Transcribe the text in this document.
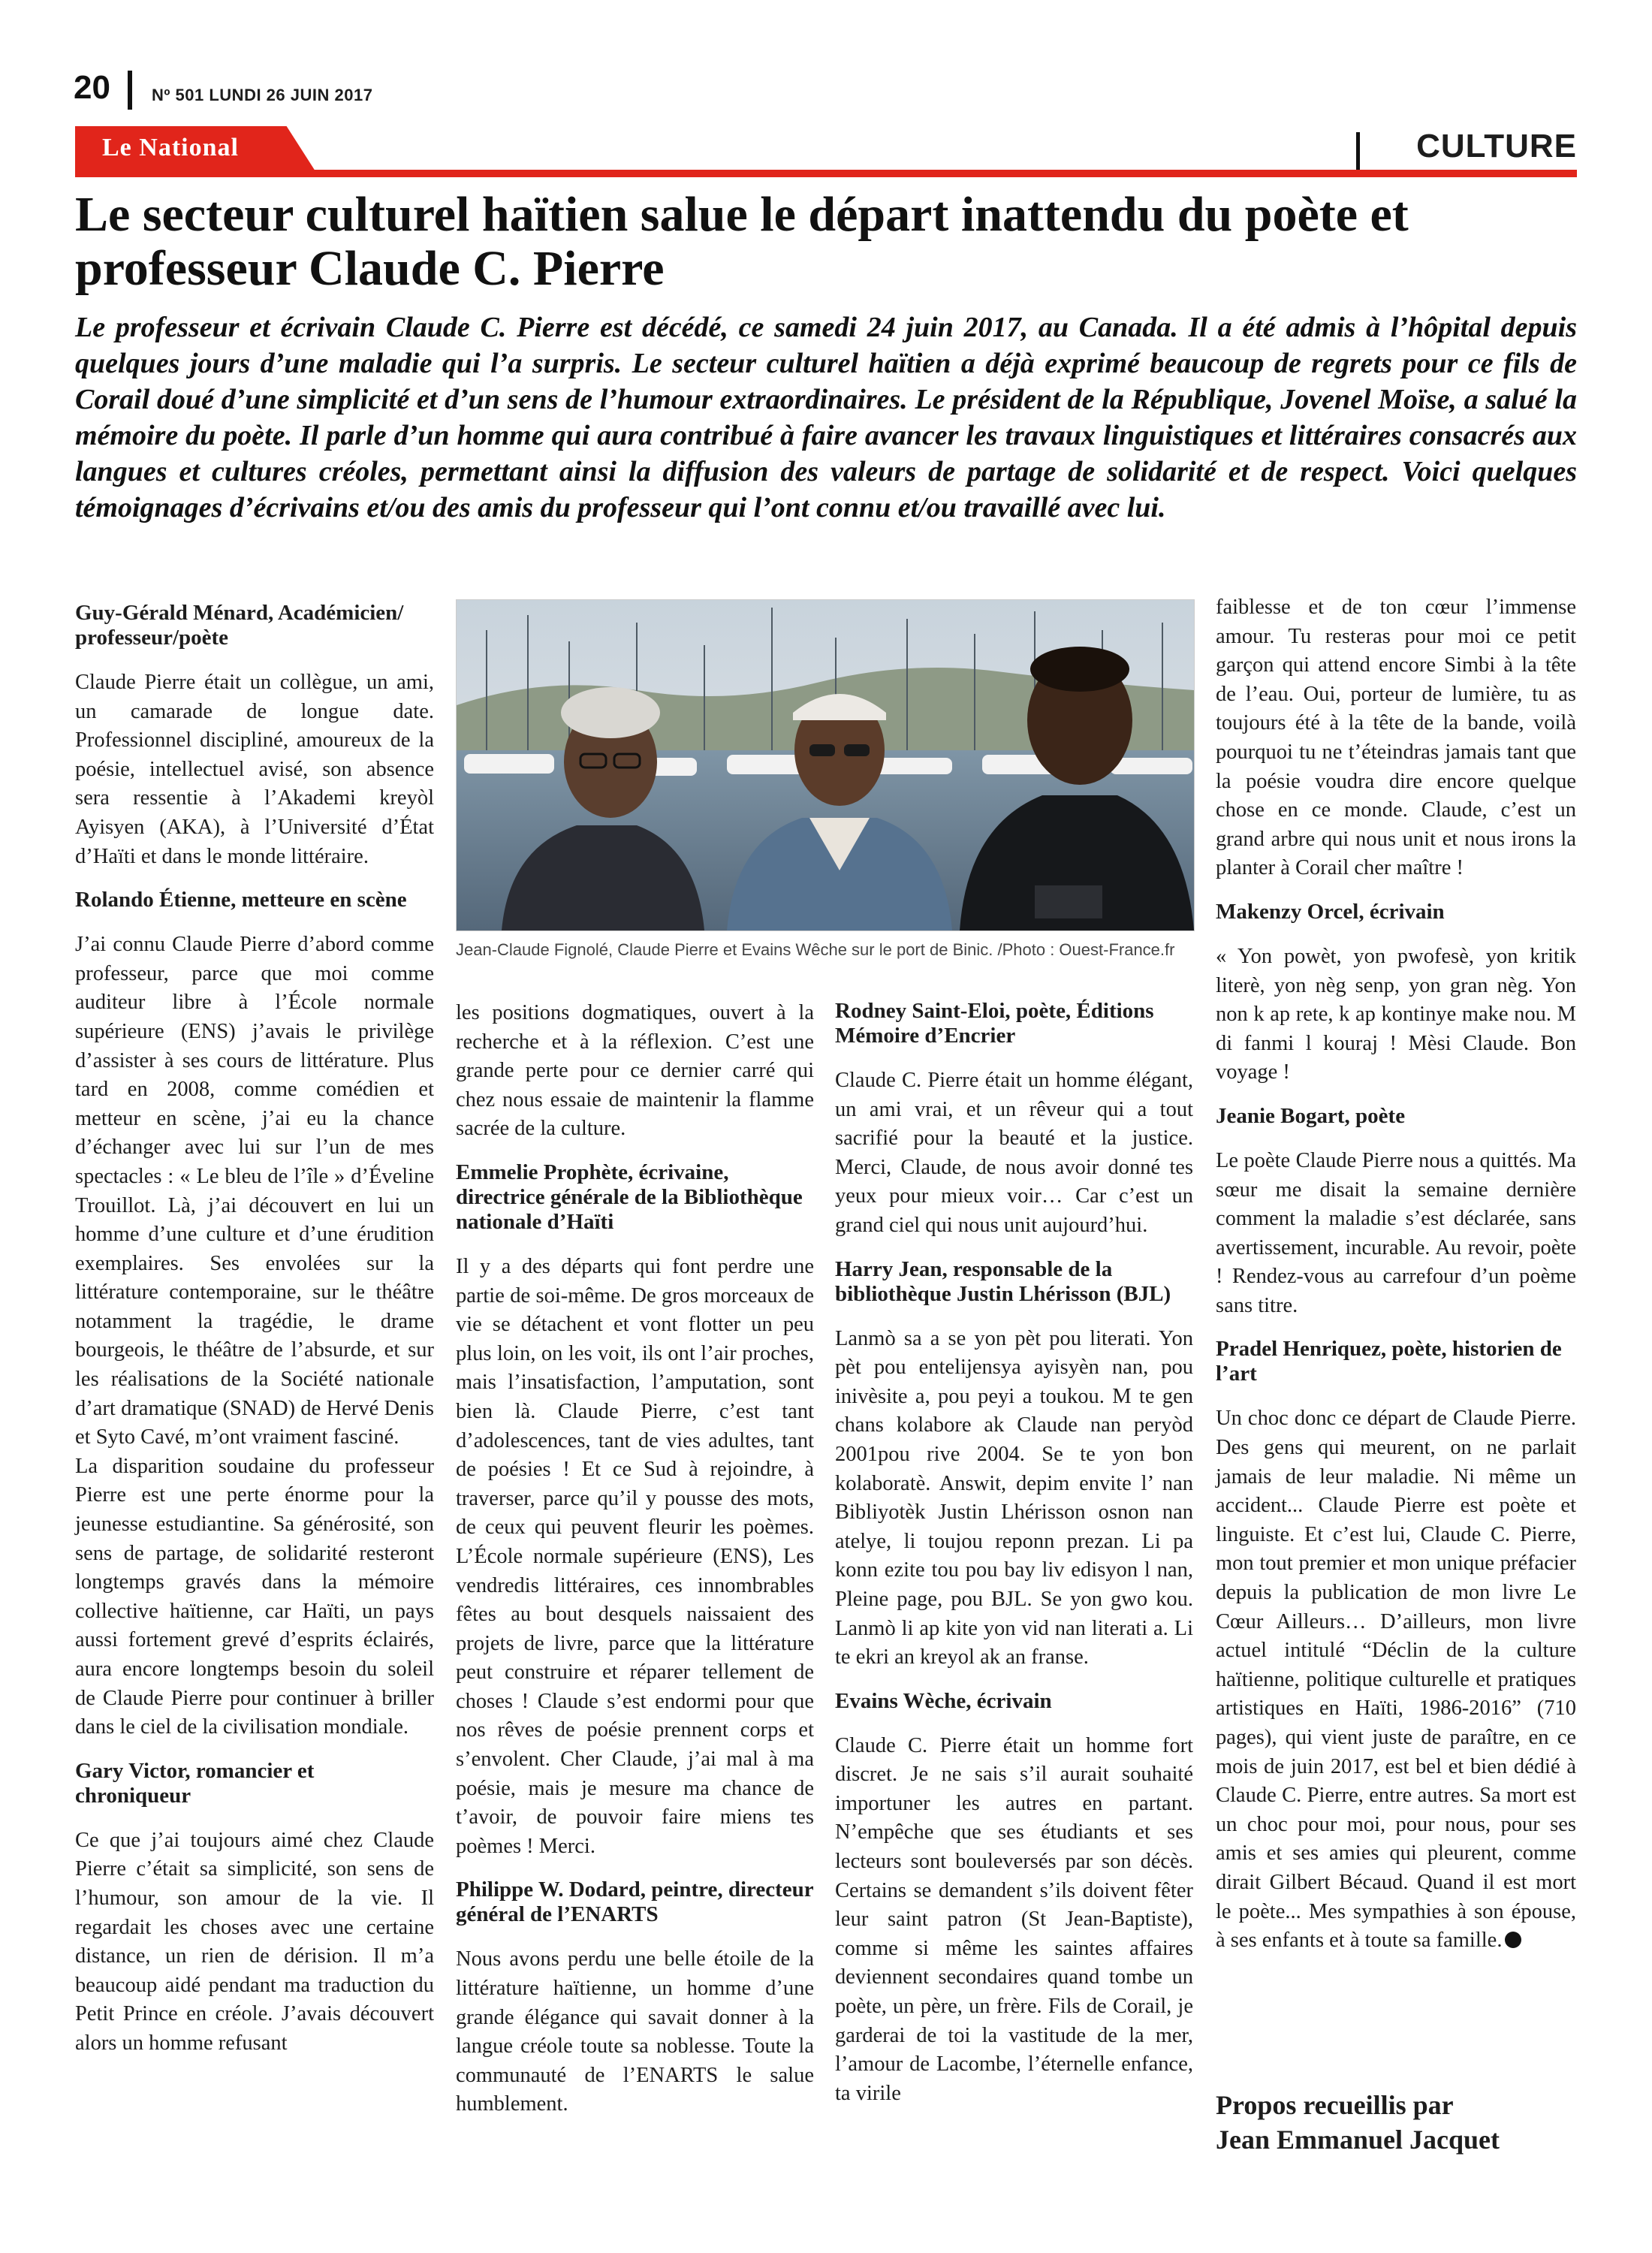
20	Nº 501 LUNDI 26 JUIN 2017
Le National	CULTURE
Le secteur culturel haïtien salue le départ inattendu du poète et professeur Claude C. Pierre

Le professeur et écrivain Claude C. Pierre est décédé, ce samedi 24 juin 2017, au Canada. Il a été admis à l’hôpital depuis quelques jours d’une maladie qui l’a surpris. Le secteur culturel haïtien a déjà exprimé beaucoup de regrets pour ce fils de Corail doué d’une simplicité et d’un sens de l’humour extraordinaires. Le président de la République, Jovenel Moïse, a salué la mémoire du poète. Il parle d’un homme qui aura contribué à faire avancer les travaux linguistiques et littéraires consacrés aux langues et cultures créoles, permettant ainsi la diffusion des valeurs de partage de solidarité et de respect. Voici quelques témoignages d’écrivains et/ou des amis du professeur qui l’ont connu et/ou travaillé avec lui.

Guy-Gérald Ménard, Académicien/ professeur/poète

Claude Pierre était un collègue, un ami, un camarade de longue date. Professionnel discipliné, amoureux de la poésie, intellectuel avisé, son absence sera ressentie à l’Akademi kreyòl Ayisyen (AKA), à l’Université d’État d’Haïti et dans le monde littéraire.

Rolando Étienne, metteure en scène

J’ai connu Claude Pierre d’abord comme professeur, parce que moi comme auditeur libre à l’École normale supérieure (ENS) j’avais le privilège d’assister à ses cours de littérature. Plus tard en 2008, comme comédien et metteur en scène, j’ai eu la chance d’échanger avec lui sur l’un de mes spectacles : « Le bleu de l’île » d’Éveline Trouillot. Là, j’ai découvert en lui un homme d’une culture et d’une érudition exemplaires. Ses envolées sur la littérature contemporaine, sur le théâtre notamment la tragédie, le drame bourgeois, le théâtre de l’absurde, et sur les réalisations de la Société nationale d’art dramatique (SNAD) de Hervé Denis et Syto Cavé, m’ont vraiment fasciné.

La disparition soudaine du professeur Pierre est une perte énorme pour la jeunesse estudiantine. Sa générosité, son sens de partage, de solidarité resteront longtemps gravés dans la mémoire collective haïtienne, car Haïti, un pays aussi fortement grevé d’esprits éclairés, aura encore longtemps besoin du soleil de Claude Pierre pour continuer à briller dans le ciel de la civilisation mondiale.

Gary Victor, romancier et chroniqueur

Ce que j’ai toujours aimé chez Claude Pierre c’était sa simplicité, son sens de l’humour, son amour de la vie. Il regardait les choses avec une certaine distance, un rien de dérision. Il m’a beaucoup aidé pendant ma traduction du Petit Prince en créole. J’avais découvert alors un homme refusant

Jean-Claude Fignolé, Claude Pierre et Evains Wêche sur le port de Binic. /Photo : Ouest-France.fr

les positions dogmatiques, ouvert à la recherche et à la réflexion. C’est une grande perte pour ce dernier carré qui chez nous essaie de maintenir la flamme sacrée de la culture.

Emmelie Prophète, écrivaine, directrice générale de la Bibliothèque nationale d’Haïti

Il y a des départs qui font perdre une partie de soi-même. De gros morceaux de vie se détachent et vont flotter un peu plus loin, on les voit, ils ont l’air proches, mais l’insatisfaction, l’amputation, sont bien là. Claude Pierre, c’est tant d’adolescences, tant de vies adultes, tant de poésies ! Et ce Sud à rejoindre, à traverser, parce qu’il y pousse des mots, de ceux qui peuvent fleurir les poèmes. L’École normale supérieure (ENS), Les vendredis littéraires, ces innombrables fêtes au bout desquels naissaient des projets de livre, parce que la littérature peut construire et réparer tellement de choses ! Claude s’est endormi pour que nos rêves de poésie prennent corps et s’envolent. Cher Claude, j’ai mal à ma poésie, mais je mesure ma chance de t’avoir, de pouvoir faire miens tes poèmes ! Merci.

Philippe W. Dodard, peintre, directeur général de l’ENARTS

Nous avons perdu une belle étoile de la littérature haïtienne, un homme d’une grande élégance qui savait donner à la langue créole toute sa noblesse. Toute la communauté de l’ENARTS le salue humblement.

Rodney Saint-Eloi, poète, Éditions Mémoire d’Encrier

Claude C. Pierre était un homme élégant, un ami vrai, et un rêveur qui a tout sacrifié pour la beauté et la justice. Merci, Claude, de nous avoir donné tes yeux pour mieux voir… Car c’est un grand ciel qui nous unit aujourd’hui.

Harry Jean, responsable de la bibliothèque Justin Lhérisson (BJL)

Lanmò sa a se yon pèt pou literati. Yon pèt pou entelijensya ayisyèn nan, pou inivèsite a, pou peyi a toukou. M te gen chans kolabore ak Claude nan peryòd 2001pou rive 2004. Se te yon bon kolaboratè. Answit, depim envite l’ nan Bibliyotèk Justin Lhérisson osnon nan atelye, li toujou reponn prezan. Li pa konn ezite tou pou bay liv edisyon l nan, Pleine page, pou BJL. Se yon gwo kou. Lanmò li ap kite yon vid nan literati a. Li te ekri an kreyol ak an franse.

Evains Wèche, écrivain

Claude C. Pierre était un homme fort discret. Je ne sais s’il aurait souhaité importuner les autres en partant. N’empêche que ses étudiants et ses lecteurs sont bouleversés par son décès. Certains se demandent s’ils doivent fêter leur saint patron (St Jean-Baptiste), comme si même les saintes affaires deviennent secondaires quand tombe un poète, un père, un frère. Fils de Corail, je garderai de toi la vastitude de la mer, l’amour de Lacombe, l’éternelle enfance, ta virile

faiblesse et de ton cœur l’immense amour. Tu resteras pour moi ce petit garçon qui attend encore Simbi à la tête de l’eau. Oui, porteur de lumière, tu as toujours été à la tête de la bande, voilà pourquoi tu ne t’éteindras jamais tant que la poésie voudra dire encore quelque chose en ce monde. Claude, c’est un grand arbre qui nous unit et nous irons la planter à Corail cher maître !

Makenzy Orcel, écrivain

« Yon powèt, yon pwofesè, yon kritik literè, yon nèg senp, yon gran nèg. Yon non k ap rete, k ap kontinye make nou. M di fanmi l kouraj ! Mèsi Claude. Bon voyage !

Jeanie Bogart, poète

Le poète Claude Pierre nous a quittés. Ma sœur me disait la semaine dernière comment la maladie s’est déclarée, sans avertissement, incurable. Au revoir, poète ! Rendez-vous au carrefour d’un poème sans titre.

Pradel Henriquez, poète, historien de l’art

Un choc donc ce départ de Claude Pierre. Des gens qui meurent, on ne parlait jamais de leur maladie. Ni même un accident... Claude Pierre est poète et linguiste. Et c’est lui, Claude C. Pierre, mon tout premier et mon unique préfacier depuis la publication de mon livre Le Cœur Ailleurs… D’ailleurs, mon livre actuel intitulé “Déclin de la culture haïtienne, politique culturelle et pratiques artistiques en Haïti, 1986-2016” (710 pages), qui vient juste de paraître, en ce mois de juin 2017, est bel et bien dédié à Claude C. Pierre, entre autres. Sa mort est un choc pour moi, pour nous, pour ses amis et ses amies qui pleurent, comme dirait Gilbert Bécaud. Quand il est mort le poète... Mes sympathies à son épouse, à ses enfants et à toute sa famille.

Propos recueillis par
Jean Emmanuel Jacquet
